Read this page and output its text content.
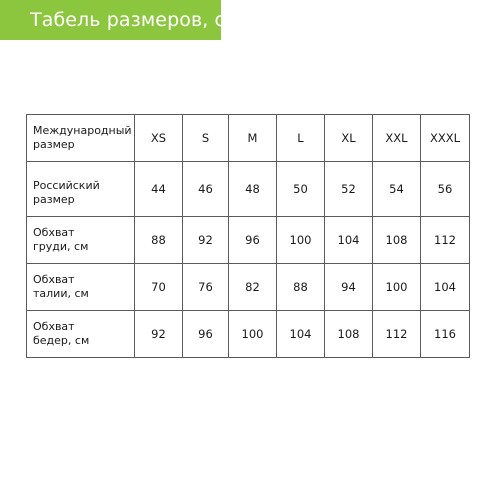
Табель размеров, см
Международный
размер	XS	S	M	L	XL	XXL	XXXL
Российский
размер	44	46	48	50	52	54	56
Обхват
груди, см	88	92	96	100	104	108	112
Обхват
талии, см	70	76	82	88	94	100	104
Обхват
бедер, см	92	96	100	104	108	112	116
